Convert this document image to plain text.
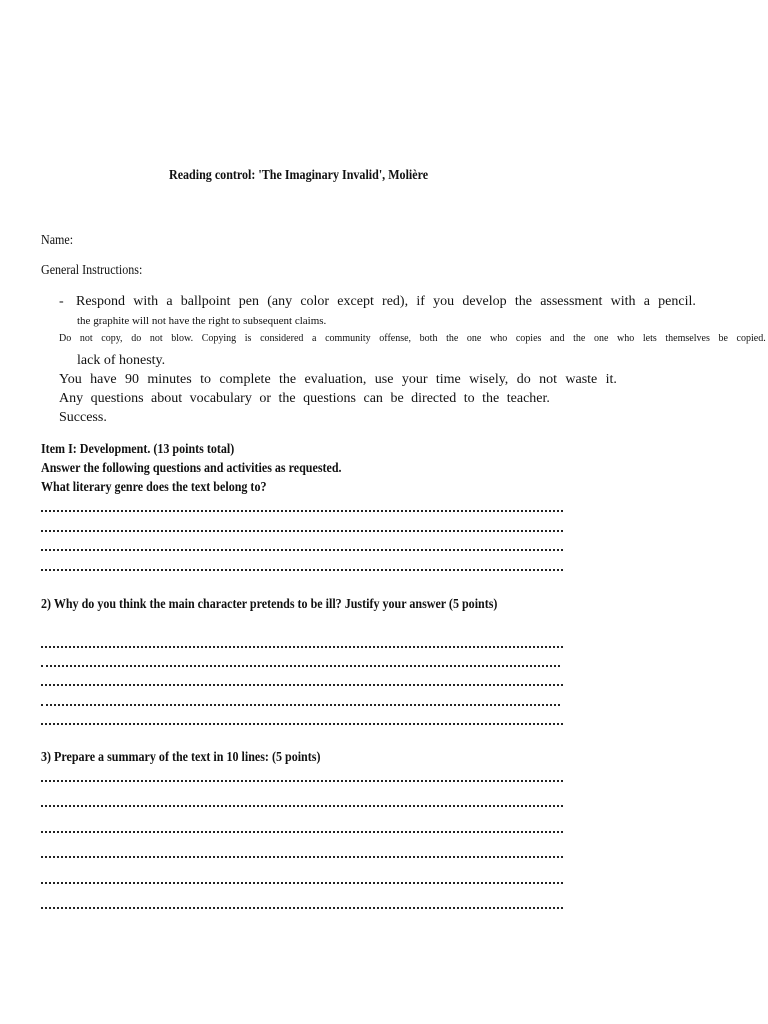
Reading control: 'The Imaginary Invalid', Molière
Name:
General Instructions:
- Respond with a ballpoint pen (any color except red), if you develop the assessment with a pencil.
the graphite will not have the right to subsequent claims.
Do not copy, do not blow. Copying is considered a community offense, both the one who copies and the one who lets themselves be copied.
lack of honesty.
You have 90 minutes to complete the evaluation, use your time wisely, do not waste it.
Any questions about vocabulary or the questions can be directed to the teacher.
Success.
Item I: Development. (13 points total)
Answer the following questions and activities as requested.
What literary genre does the text belong to?
2) Why do you think the main character pretends to be ill? Justify your answer (5 points)
3) Prepare a summary of the text in 10 lines: (5 points)
